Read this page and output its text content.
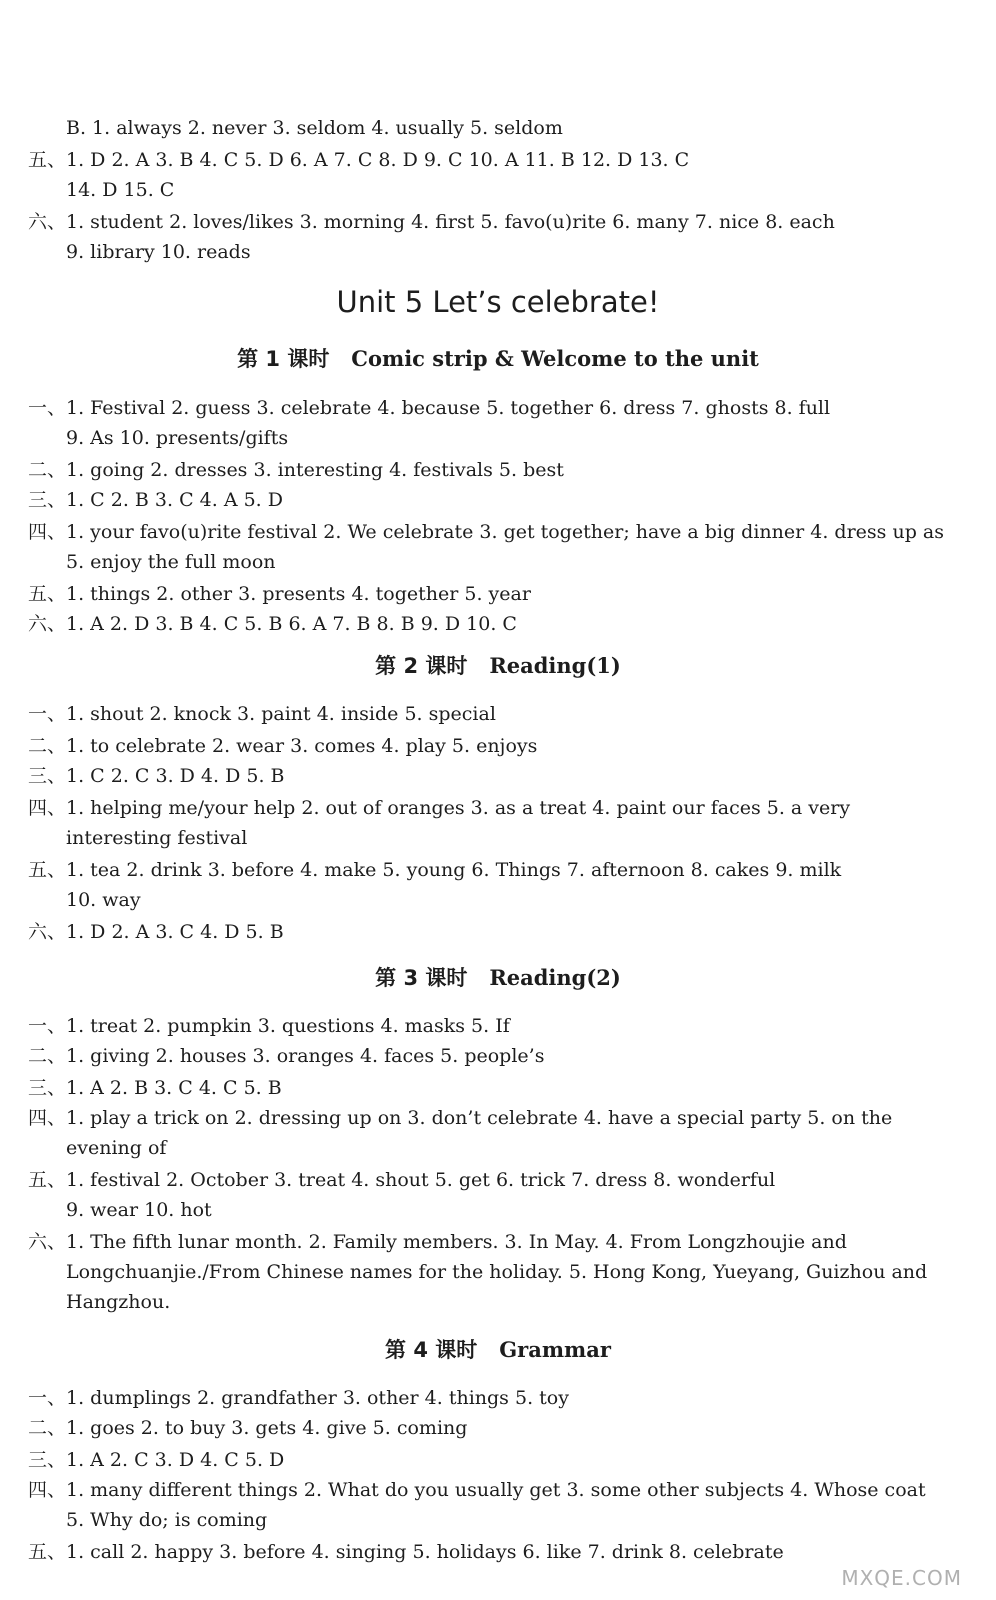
B. 1. always 2. never 3. seldom 4. usually 5. seldom
五、1. D 2. A 3. B 4. C 5. D 6. A 7. C 8. D 9. C 10. A 11. B 12. D 13. C
14. D 15. C
六、1. student 2. loves/likes 3. morning 4. first 5. favo(u)rite 6. many 7. nice 8. each
9. library 10. reads
Unit 5 Let’s celebrate!
第 1 课时 Comic strip & Welcome to the unit
一、1. Festival 2. guess 3. celebrate 4. because 5. together 6. dress 7. ghosts 8. full
9. As 10. presents/gifts
二、1. going 2. dresses 3. interesting 4. festivals 5. best
三、1. C 2. B 3. C 4. A 5. D
四、1. your favo(u)rite festival 2. We celebrate 3. get together; have a big dinner 4. dress up as
5. enjoy the full moon
五、1. things 2. other 3. presents 4. together 5. year
六、1. A 2. D 3. B 4. C 5. B 6. A 7. B 8. B 9. D 10. C
第 2 课时 Reading(1)
一、1. shout 2. knock 3. paint 4. inside 5. special
二、1. to celebrate 2. wear 3. comes 4. play 5. enjoys
三、1. C 2. C 3. D 4. D 5. B
四、1. helping me/your help 2. out of oranges 3. as a treat 4. paint our faces 5. a very
interesting festival
五、1. tea 2. drink 3. before 4. make 5. young 6. Things 7. afternoon 8. cakes 9. milk
10. way
六、1. D 2. A 3. C 4. D 5. B
第 3 课时 Reading(2)
一、1. treat 2. pumpkin 3. questions 4. masks 5. If
二、1. giving 2. houses 3. oranges 4. faces 5. people’s
三、1. A 2. B 3. C 4. C 5. B
四、1. play a trick on 2. dressing up on 3. don’t celebrate 4. have a special party 5. on the
evening of
五、1. festival 2. October 3. treat 4. shout 5. get 6. trick 7. dress 8. wonderful
9. wear 10. hot
六、1. The fifth lunar month. 2. Family members. 3. In May. 4. From Longzhoujie and
Longchuanjie./From Chinese names for the holiday. 5. Hong Kong, Yueyang, Guizhou and
Hangzhou.
第 4 课时 Grammar
一、1. dumplings 2. grandfather 3. other 4. things 5. toy
二、1. goes 2. to buy 3. gets 4. give 5. coming
三、1. A 2. C 3. D 4. C 5. D
四、1. many different things 2. What do you usually get 3. some other subjects 4. Whose coat
5. Why do; is coming
五、1. call 2. happy 3. before 4. singing 5. holidays 6. like 7. drink 8. celebrate
MXQE.COM
